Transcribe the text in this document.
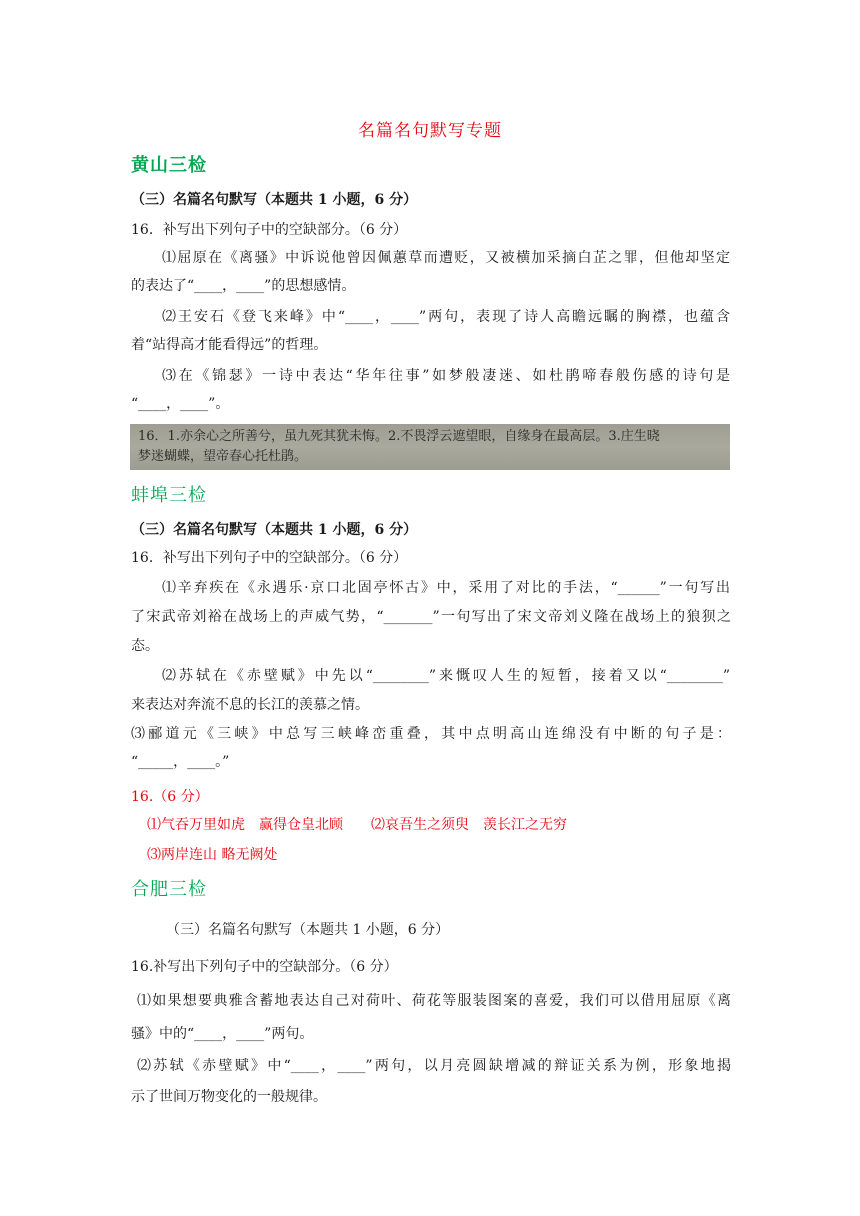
名篇名句默写专题
黄山三检
（三）名篇名句默写（本题共 1 小题，6 分）
16．补写出下列句子中的空缺部分。（6 分）
⑴屈原在《离骚》中诉说他曾因佩蕙草而遭贬，又被横加采摘白芷之罪，但他却坚定
的表达了“____，____”的思想感情。
⑵王安石《登飞来峰》中“____，____”两句，表现了诗人高瞻远瞩的胸襟，也蕴含
着“站得高才能看得远”的哲理。
⑶在《锦瑟》一诗中表达“华年往事”如梦般凄迷、如杜鹃啼春般伤感的诗句是
“____，____”。
16．1.亦余心之所善兮，虽九死其犹未悔。2.不畏浮云遮望眼，自缘身在最高层。3.庄生晓
梦迷蝴蝶，望帝春心托杜鹃。
蚌埠三检
（三）名篇名句默写（本题共 1 小题，6 分）
16．补写出下列句子中的空缺部分。（6 分）
⑴辛弃疾在《永遇乐·京口北固亭怀古》中，采用了对比的手法，“______”一句写出
了宋武帝刘裕在战场上的声威气势，“_______”一句写出了宋文帝刘义隆在战场上的狼狈之
态。
⑵苏轼在《赤壁赋》中先以“________”来慨叹人生的短暂，接着又以“________”
来表达对奔流不息的长江的羡慕之情。
⑶郦道元《三峡》中总写三峡峰峦重叠，其中点明高山连绵没有中断的句子是：
“_____，____。”
16.（6 分）
⑴气吞万里如虎　赢得仓皇北顾　　⑵哀吾生之须臾　羡长江之无穷
⑶两岸连山 略无阙处
合肥三检
（三）名篇名句默写（本题共 1 小题，6 分）
16.补写出下列句子中的空缺部分。（6 分）
⑴如果想要典雅含蓄地表达自己对荷叶、荷花等服装图案的喜爱，我们可以借用屈原《离
骚》中的“____，____”两句。
⑵苏轼《赤壁赋》中“____，____”两句，以月亮圆缺增减的辩证关系为例，形象地揭
示了世间万物变化的一般规律。
